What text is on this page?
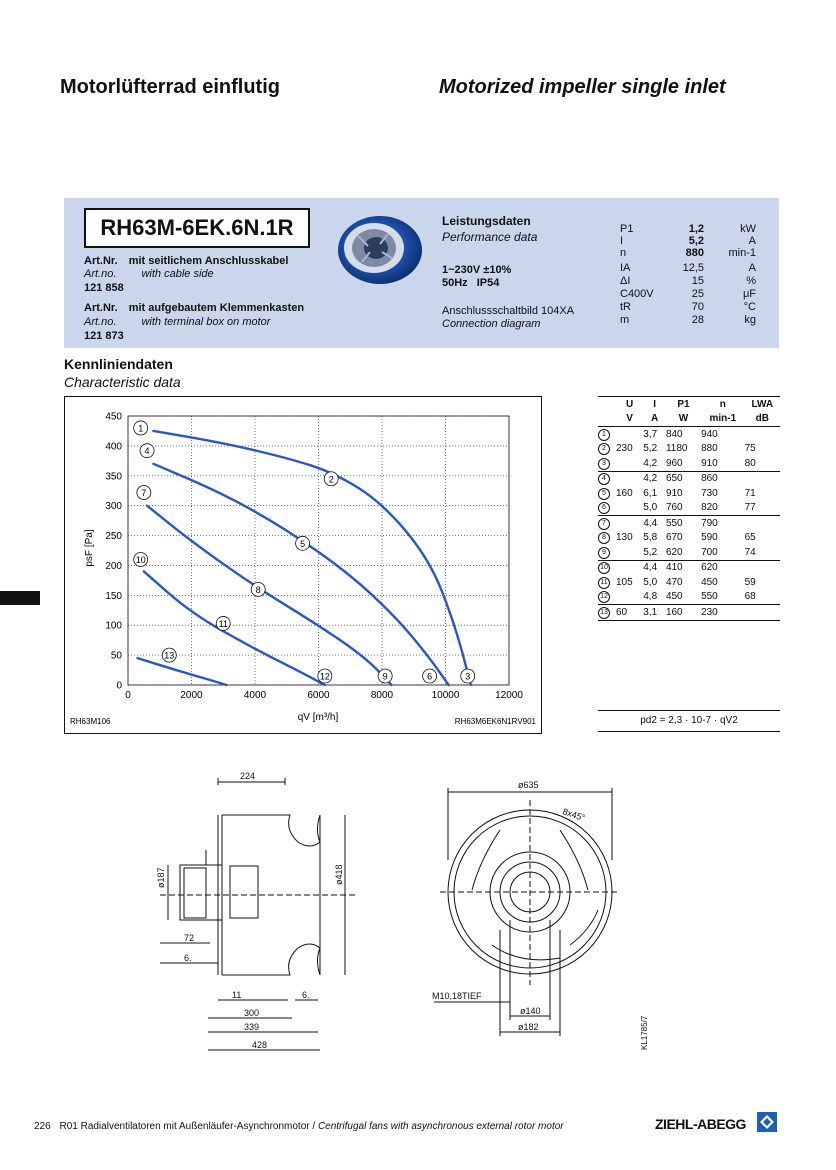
Motorlüfterrad einflutig	Motorized impeller single inlet
RH63M-6EK.6N.1R
Art.Nr. mit seitlichem Anschlusskabel
Art.no. with cable side
121 858
Art.Nr. mit aufgebautem Klemmenkasten
Art.no. with terminal box on motor
121 873
Leistungsdaten
Performance data
1~230V ±10%
50Hz IP54
Anschlussschaltbild 104XA
Connection diagram
P1	1,2	kW
I	5,2	A
n	880	min-1
IA	12,5	A
ΔI	15	%
C400V	25	μF
tR	70	°C
m	28	kg
Kennliniendaten
Characteristic data
0	2000	4000	6000	8000	10000	12000
0
50
100
150
200
250
300
350
400
450
1
4
7
10
13
2
5
8
11
12	9	6	3
psF [Pa]
qV [m³/h]
RH63M106	RH63M6EK6N1RV901
	U	I	P1	n	LWA
	V	A	W	min-1	dB
1		3,7	840	940	
2	230	5,2	1180	880	75
3		4,2	960	910	80
4		4,2	650	860	
5	160	6,1	910	730	71
6		5,0	760	820	77
7		4,4	550	790	
8	130	5,8	670	590	65
9		5,2	620	700	74
10		4,4	410	620	
11	105	5,0	470	450	59
12		4,8	450	550	68
13	60	3,1	160	230	
pd2 = 2,3 · 10-7 · qV2
224
ø187	ø418
72
6.
11	6.
300
339
428
ø635
8x45°
M10,18TIEF
ø140
ø182	KL1785/7
226 R01 Radialventilatoren mit Außenläufer-Asynchronmotor / Centrifugal fans with asynchronous external rotor motor	ZIEHL-ABEGG
